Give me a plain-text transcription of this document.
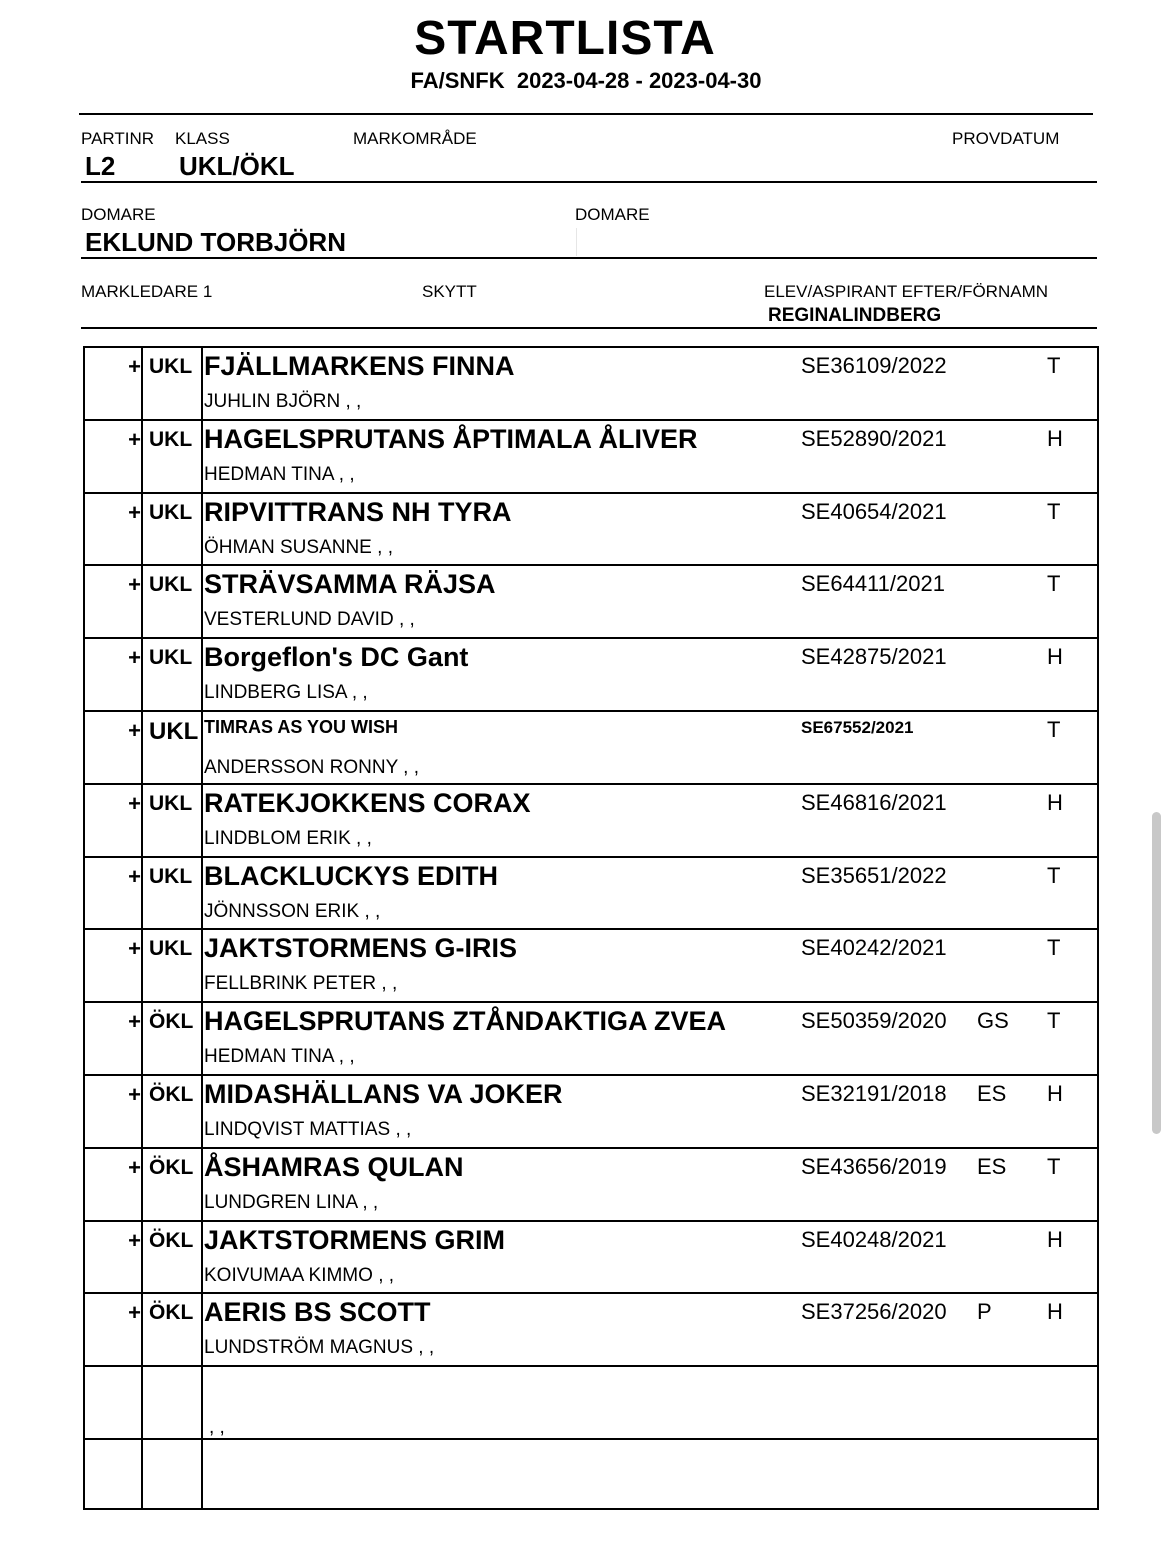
STARTLISTA
FA/SNFK  2023-04-28 - 2023-04-30
PARTINR KLASS	MARKOMRÅDE	PROVDATUM
L2 UKL/ÖKL
DOMARE	DOMARE
EKLUND TORBJÖRN
MARKLEDARE 1	SKYTT	ELEV/ASPIRANT EFTER/FÖRNAMN
REGINALINDBERG
+ UKL FJÄLLMARKENS FINNA
JUHLIN BJÖRN , ,
SE36109/2022	T
+ UKL HAGELSPRUTANS ÅPTIMALA ÅLIVER
HEDMAN TINA , ,
SE52890/2021	H
+ UKL RIPVITTRANS NH TYRA
ÖHMAN SUSANNE , ,
SE40654/2021	T
+ UKL STRÄVSAMMA RÄJSA
VESTERLUND DAVID , ,
SE64411/2021	T
+ UKL Borgeflon's DC Gant
LINDBERG LISA , ,
SE42875/2021	H
+ UKL TIMRAS AS YOU WISH
ANDERSSON RONNY , ,
SE67552/2021	T
+ UKL RATEKJOKKENS CORAX
LINDBLOM ERIK , ,
SE46816/2021	H
+ UKL BLACKLUCKYS EDITH
JÖNNSSON ERIK , ,
SE35651/2022	T
+ UKL JAKTSTORMENS G-IRIS
FELLBRINK PETER , ,
SE40242/2021	T
+ ÖKL HAGELSPRUTANS ZTÅNDAKTIGA ZVEA
HEDMAN TINA , ,
SE50359/2020 GS T
+ ÖKL MIDASHÄLLANS VA JOKER
LINDQVIST MATTIAS , ,
SE32191/2018 ES H
+ ÖKL ÅSHAMRAS QULAN
LUNDGREN LINA , ,
SE43656/2019 ES T
+ ÖKL JAKTSTORMENS GRIM
KOIVUMAA KIMMO , ,
SE40248/2021	H
+ ÖKL AERIS BS SCOTT
LUNDSTRÖM MAGNUS , ,
SE37256/2020 P	H
, ,
